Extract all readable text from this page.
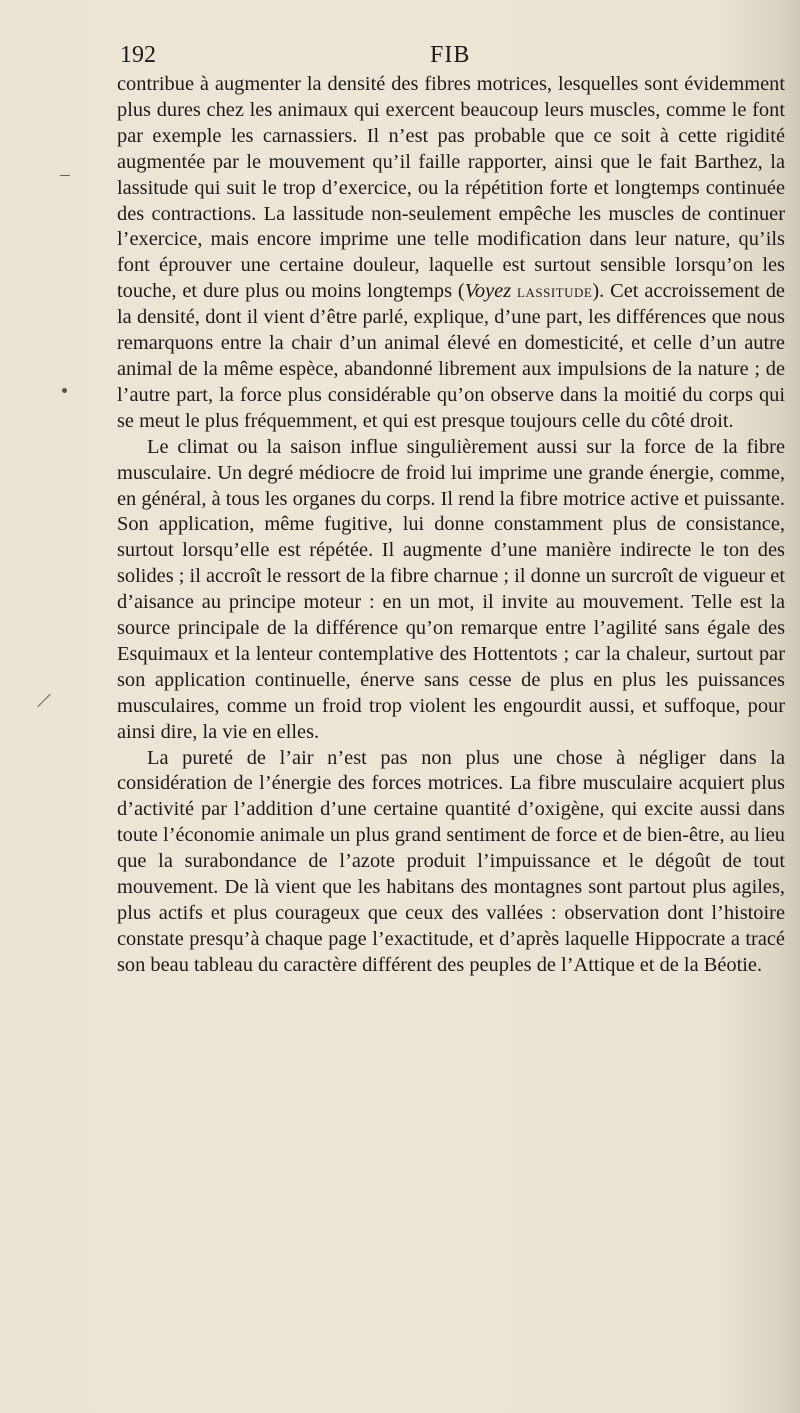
192	FIB

contribue à augmenter la densité des fibres motrices, lesquelles sont évidemment plus dures chez les animaux qui exercent beaucoup leurs muscles, comme le font par exemple les carnassiers. Il n’est pas probable que ce soit à cette rigidité augmentée par le mouvement qu’il faille rapporter, ainsi que le fait Barthez, la lassitude qui suit le trop d’exercice, ou la répétition forte et longtemps continuée des contractions. La lassitude non-seulement empêche les muscles de continuer l’exercice, mais encore imprime une telle modification dans leur nature, qu’ils font éprouver une certaine douleur, laquelle est surtout sensible lorsqu’on les touche, et dure plus ou moins longtemps (Voyez lassitude). Cet accroissement de la densité, dont il vient d’être parlé, explique, d’une part, les différences que nous remarquons entre la chair d’un animal élevé en domesticité, et celle d’un autre animal de la même espèce, abandonné librement aux impulsions de la nature ; de l’autre part, la force plus considérable qu’on observe dans la moitié du corps qui se meut le plus fréquemment, et qui est presque toujours celle du côté droit.

Le climat ou la saison influe singulièrement aussi sur la force de la fibre musculaire. Un degré médiocre de froid lui imprime une grande énergie, comme, en général, à tous les organes du corps. Il rend la fibre motrice active et puissante. Son application, même fugitive, lui donne constamment plus de consistance, surtout lorsqu’elle est répétée. Il augmente d’une manière indirecte le ton des solides ; il accroît le ressort de la fibre charnue ; il donne un surcroît de vigueur et d’aisance au principe moteur : en un mot, il invite au mouvement. Telle est la source principale de la différence qu’on remarque entre l’agilité sans égale des Esquimaux et la lenteur contemplative des Hottentots ; car la chaleur, surtout par son application continuelle, énerve sans cesse de plus en plus les puissances musculaires, comme un froid trop violent les engourdit aussi, et suffoque, pour ainsi dire, la vie en elles.

La pureté de l’air n’est pas non plus une chose à négliger dans la considération de l’énergie des forces motrices. La fibre musculaire acquiert plus d’activité par l’addition d’une certaine quantité d’oxigène, qui excite aussi dans toute l’économie animale un plus grand sentiment de force et de bien-être, au lieu que la surabondance de l’azote produit l’impuissance et le dégoût de tout mouvement. De là vient que les habitans des montagnes sont partout plus agiles, plus actifs et plus courageux que ceux des vallées : observation dont l’histoire constate presqu’à chaque page l’exactitude, et d’après laquelle Hippocrate a tracé son beau tableau du caractère différent des peuples de l’Attique et de la Béotie.
